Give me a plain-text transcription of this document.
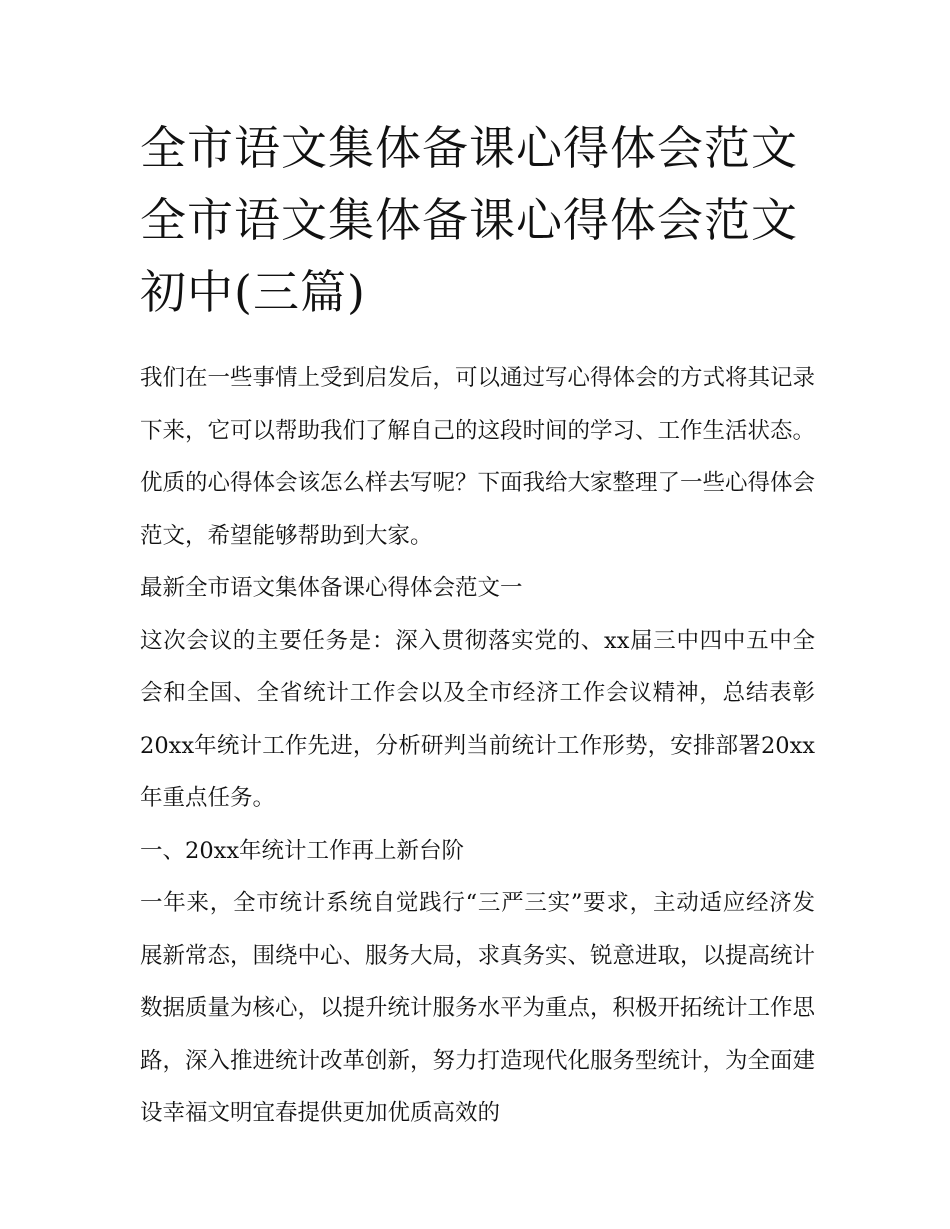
全市语文集体备课心得体会范文 全市语文集体备课心得体会范文初中(三篇)

我们在一些事情上受到启发后，可以通过写心得体会的方式将其记录下来，它可以帮助我们了解自己的这段时间的学习、工作生活状态。优质的心得体会该怎么样去写呢？下面我给大家整理了一些心得体会范文，希望能够帮助到大家。

最新全市语文集体备课心得体会范文一

这次会议的主要任务是：深入贯彻落实党的、xx届三中四中五中全会和全国、全省统计工作会以及全市经济工作会议精神，总结表彰20xx年统计工作先进，分析研判当前统计工作形势，安排部署20xx年重点任务。

一、20xx年统计工作再上新台阶

一年来，全市统计系统自觉践行“三严三实”要求，主动适应经济发展新常态，围绕中心、服务大局，求真务实、锐意进取，以提高统计数据质量为核心，以提升统计服务水平为重点，积极开拓统计工作思路，深入推进统计改革创新，努力打造现代化服务型统计，为全面建设幸福文明宜春提供更加优质高效的
